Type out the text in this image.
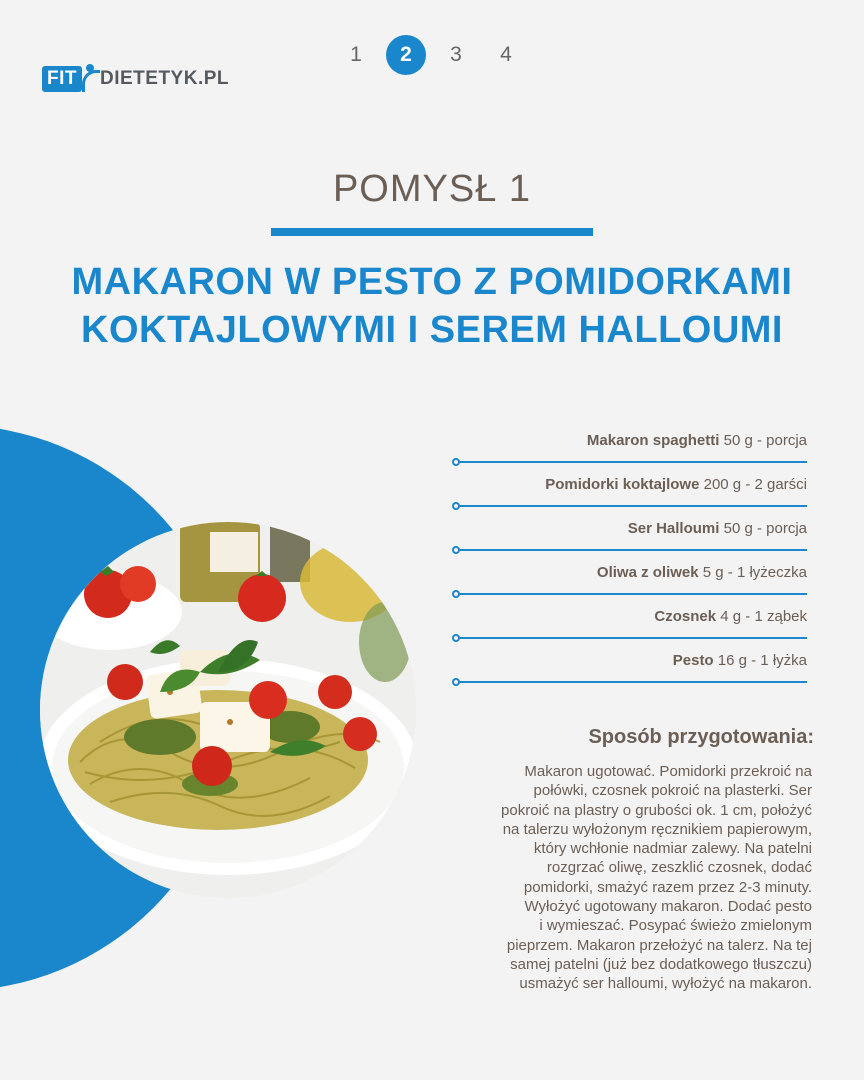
FIT DIETETYK.PL
1	2	3	4
POMYSŁ 1
MAKARON W PESTO Z POMIDORKAMI
KOKTAJLOWYMI I SEREM HALLOUMI
Makaron spaghetti 50 g - porcja
Pomidorki koktajlowe 200 g - 2 garści
Ser Halloumi 50 g - porcja
Oliwa z oliwek 5 g - 1 łyżeczka
Czosnek 4 g - 1 ząbek
Pesto 16 g - 1 łyżka
Sposób przygotowania:
Makaron ugotować. Pomidorki przekroić na
połówki, czosnek pokroić na plasterki. Ser
pokroić na plastry o grubości ok. 1 cm, położyć
na talerzu wyłożonym ręcznikiem papierowym,
który wchłonie nadmiar zalewy. Na patelni
rozgrzać oliwę, zeszklić czosnek, dodać
pomidorki, smażyć razem przez 2-3 minuty.
Wyłożyć ugotowany makaron. Dodać pesto
i wymieszać. Posypać świeżo zmielonym
pieprzem. Makaron przełożyć na talerz. Na tej
samej patelni (już bez dodatkowego tłuszczu)
usmażyć ser halloumi, wyłożyć na makaron.
